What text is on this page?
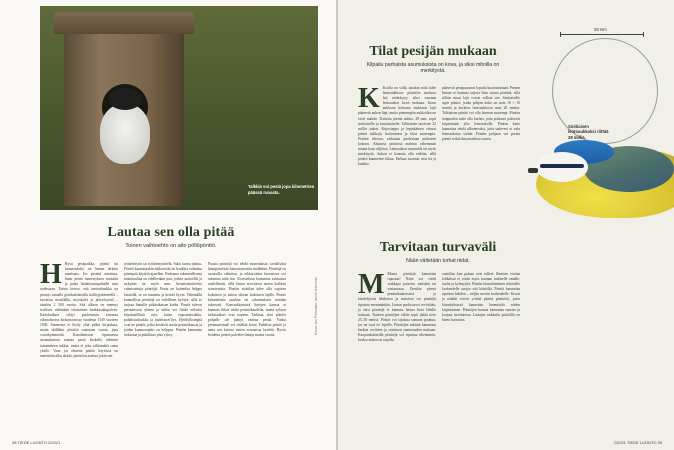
Talkkiä voi pesiä jopa kilometrien päässä ruoasta.
Lautaa sen olla pitää

Toinen vaihtoehto on aito pöllöpönttö.

H Hyvä pesäpaikka, pönttö tai luonnonkolo, on linnun tärkein omaisuus. Jos pesintä onnistuu, linnu pesää menestyksen muistiin ja palaa lisääntymispaikalle aina uudestaan. Tarina kertoo, että tunturihaukka on pesinyt samalla grönlantilaisella kalliojyrkänteellä – tarvaissa maaillalla, myrskyltä ja jäävyöryistä – ainakin 2 500 vuotta. Sitä alkaan on mennyt sivilisen vähintään viisinainen haukkasukupolvea. Kattohaikara vihtyi puolentasin samassa oikeaalisessa kirkontornissa vuodesta 1549 vuoteen 1930. Suomesta ei löydy yhtä pitkiä kirjauksia, mutta täälläkin pönttöä saatetaan vaasia, jopa vuosikymmeniä. Kanalintuvasi ripustuessa asennuksessa saattaa pesiä keskellä nilmeen tutumutteen tukkia, mutta ei joka välttämättä sama yksilö. Vaan jos olmettu pönttö käytössä on ennestään alku tärkää, pönttöön asettuu jokin sen
tyttärentytär tai tyttärentyttärelä. Suku tarina jatkuu. Pöntöt kannattaakin nikkaroida tai hankkia valmiina pitempää käyttöä ajatellen. Parhaana rakenteellisena materiaalina on edelleenkin puu, joskin saatavilla ja nykyään on myös mm. betonisekoitteista valmistettuja pönttöjä. Puuta on kuitenkin helppo käsitellä, se on tunnettu ja kestää hyvin. Tekemällä kunnollisia pönttöjä on todellinen hyötyä, sillä se tarjoaa lintuille pitkäaikaisen kodin. Pöntöt tulevat perinteisesti yhteen ja niihin voi liittää erilaisia käytännöllisiä osia, kuten ripustuskoukku, puhdistusluukku ja tuuletusrei'itys. Hyödyllisimpiä ovat ne pöntöt, jotka kestävät useita pesimäkausia ja joiden kunnossapito on helppoa. Pöntön kannattaa tarkastaa ja puhdistaa joka syksy.
Puusta pönttöjä voi tehdä monenlaisia: tavallisista lautapöntöistä hienostuneisiin malleihin. Pönttöjä on saatavilla valmiina, ja nikkarointia harrastava voi rakentaa niitä itse. Koristeluun kannattaa suhtautua maltillisesti, sillä linnut arvostavat ennen kaikkea toimivuutta. Pöntön sisätilan tulee olla sopivan kokoinen ja aukon oikean kokoinen lajille. Pönttö kiinnitetään puuhun tai rakennuksen seinään tukevasti. Kanssakäymistä lintujen kanssa ei kannata liikaa tehdä pesimäkaudella, mutta syksyn tarkastukset ovat tarpeen. Tarkista, ettei pöntön pohjalle ole jäänyt vanhaa pesää. Vanha pesämateriaali voi sisältää loisia. Puhdista pönttö ja anna sen kuivua ennen seuraavaa kevättä. Hyvin hoidettu pönttö palvelee lintuja monta vuotta.
Kuvat: Jari Peltomäki, Janne Hanninen
38 TIEDE LUONTO 2/2021
Tilat pesijän mukaan

Kilpailu parhaista asumuksista on kova, ja siksi mitoilla on merkitystä.

28 mm
Sinitiaisen lentoaukkoksi riittää 28 milliä.
K Koolla on väliä, ainakin mitä tulee lentoaukkoon: pönttöön asettuva laji määräytyy siksi suoraan lentoaukon koon mukaan. Isoon aukkoon kokonsa mahtuvat lajit pääsevät aukon läpi, mutta pienempiin aukkoihin ne eivät mahdu. Tiaisista pienin aukko, 28 mm, sopii sinitiaiselle ja kuusitiaiselle. Talitiainen tarvitsee 32 millin aukon. Kirjosieppo ja lepinkäinen ottavat pieniä aukkoja, kottarainen ja tikat suurempia. Pöntön tilavuus vaikuttaa puolestaan poikueen kokoon. Ahtaassa pöntössä mahtuu vähemmän munia kuin väljässä. Lentoaukon suunnalla on myös merkitystä. Aukon ei kannata olla etelään, sillä pönttö kuumenee liikaa. Parhaat suunnat ovat itä ja kaakko.
pääsevät pesäpuunoon lopulta kuoriutumaan. Pienen linnun ei kannata tarjota liian suurta pönttöä, sillä silloin muut lajit voivat vallata sen. Sinitiaiselle sopii pönttö, jonka pohjan koko on noin 10 × 10 senttiä ja korkeus lentoaukkoon noin 20 senttiä. Talitiaisen pönttö voi olla hieman suurempi. Pöntön sisäpuolen tulee olla karhea, jotta poikaset pääsevät kiipeämään ylös lentoaukolle. Pöntön katto kannattaa tehdä ulkonevaksi, jotta sadevesi ei valu lentoaukosta sisään. Pöntön pohjaan voi porata pieniä reikiä ilmanvaihtoa varten.
Tarvitaan turvaväli

Nään vältetään turhat riidat.

M Monia pönttöjä kannattaa ripustaa? Nään voi viedä vaikkapa puiseen, metsään tai vastaavaan. Etenkin pienet pesimäkuntoisissa ja käsiteltyissä lehdoissa ja metsissä voi pönttöjä ripustaa enemmänkin. Linnut puolustavat reviiriään, ja siksi pönttöjä ei kannata laittaa liian lähelle toisiaan. Tiaisten pönttöjen väliin sopii jättää noin 25–50 metriä. Pöntöt voi sijoittaa samaan puuhun, jos ne ovat eri lajeille. Pönttöjen määrää kannattaa harkita reviirien ja ravinnon saatavuuden mukaan. Kaupunkialueilla pönttöjä voi ripustaa tiheämmin, koska ruokaa on tarjolla.
vaatiikin kun pulaan ovat tulleet. Ihmisen voittaa lohkäissä ei voida myös kunnan tuuliselle omalle, tuulta ja kylmyyttä. Pöntön kiinnittäminen riittävälle korkeudelle suojaa sitä häiriöltä. Pöntöt kannattaa ripustaa kahden – neljän metrin korkeudelle. Kissat ja näädät voivat yrittää päästä pönttöön, joten kiinnityksessä kannattaa huomioida niiden kiipeäminen. Pönttöjen kuntoa kannattaa seurata ja korjata tarvittaessa. Lintujen tarkkailu pöntöillä on hieno harrastus.
2/2021 TIEDE LUONTO 39
